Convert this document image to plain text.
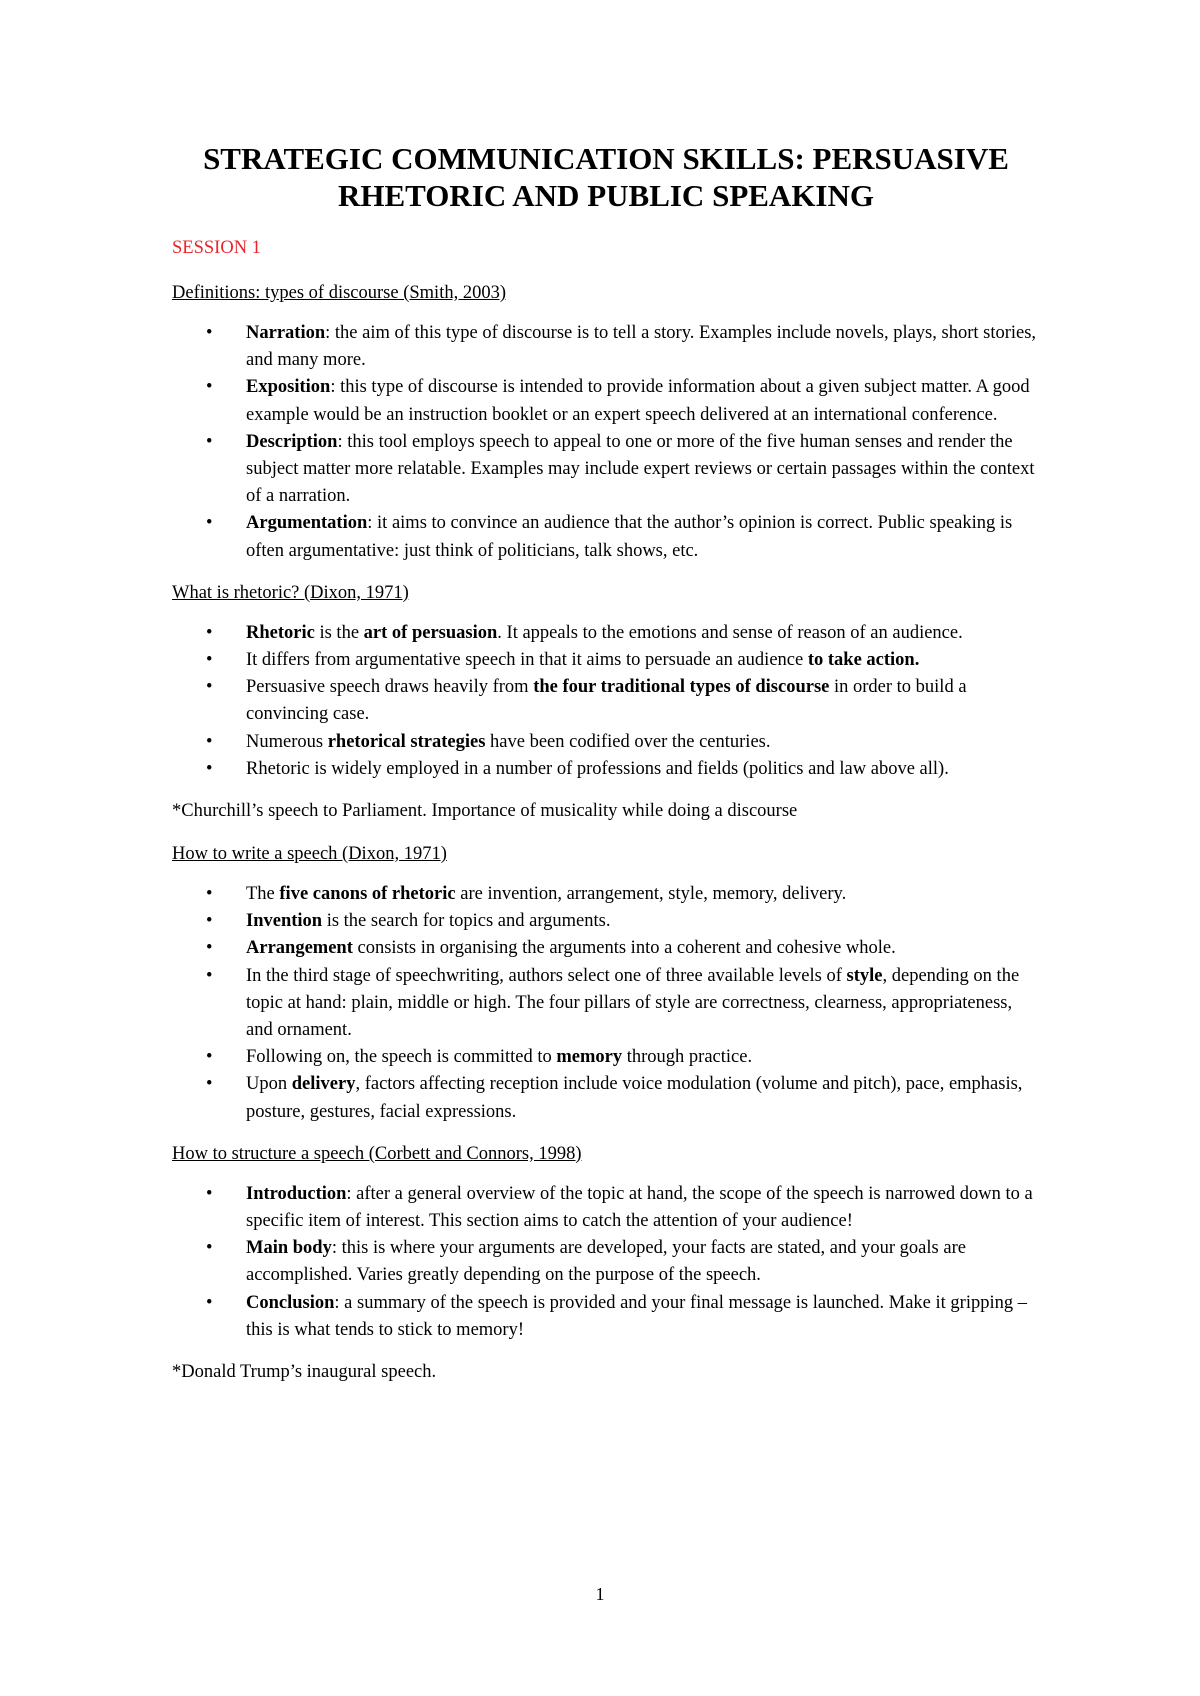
STRATEGIC COMMUNICATION SKILLS: PERSUASIVE RHETORIC AND PUBLIC SPEAKING

SESSION 1

Definitions: types of discourse (Smith, 2003)

• Narration: the aim of this type of discourse is to tell a story. Examples include novels, plays, short stories, and many more.
• Exposition: this type of discourse is intended to provide information about a given subject matter. A good example would be an instruction booklet or an expert speech delivered at an international conference.
• Description: this tool employs speech to appeal to one or more of the five human senses and render the subject matter more relatable. Examples may include expert reviews or certain passages within the context of a narration.
• Argumentation: it aims to convince an audience that the author’s opinion is correct. Public speaking is often argumentative: just think of politicians, talk shows, etc.

What is rhetoric? (Dixon, 1971)

• Rhetoric is the art of persuasion. It appeals to the emotions and sense of reason of an audience.
• It differs from argumentative speech in that it aims to persuade an audience to take action.
• Persuasive speech draws heavily from the four traditional types of discourse in order to build a convincing case.
• Numerous rhetorical strategies have been codified over the centuries.
• Rhetoric is widely employed in a number of professions and fields (politics and law above all).

*Churchill’s speech to Parliament. Importance of musicality while doing a discourse

How to write a speech (Dixon, 1971)

• The five canons of rhetoric are invention, arrangement, style, memory, delivery.
• Invention is the search for topics and arguments.
• Arrangement consists in organising the arguments into a coherent and cohesive whole.
• In the third stage of speechwriting, authors select one of three available levels of style, depending on the topic at hand: plain, middle or high. The four pillars of style are correctness, clearness, appropriateness, and ornament.
• Following on, the speech is committed to memory through practice.
• Upon delivery, factors affecting reception include voice modulation (volume and pitch), pace, emphasis, posture, gestures, facial expressions.

How to structure a speech (Corbett and Connors, 1998)

• Introduction: after a general overview of the topic at hand, the scope of the speech is narrowed down to a specific item of interest. This section aims to catch the attention of your audience!
• Main body: this is where your arguments are developed, your facts are stated, and your goals are accomplished. Varies greatly depending on the purpose of the speech.
• Conclusion: a summary of the speech is provided and your final message is launched. Make it gripping – this is what tends to stick to memory!

*Donald Trump’s inaugural speech.

1
